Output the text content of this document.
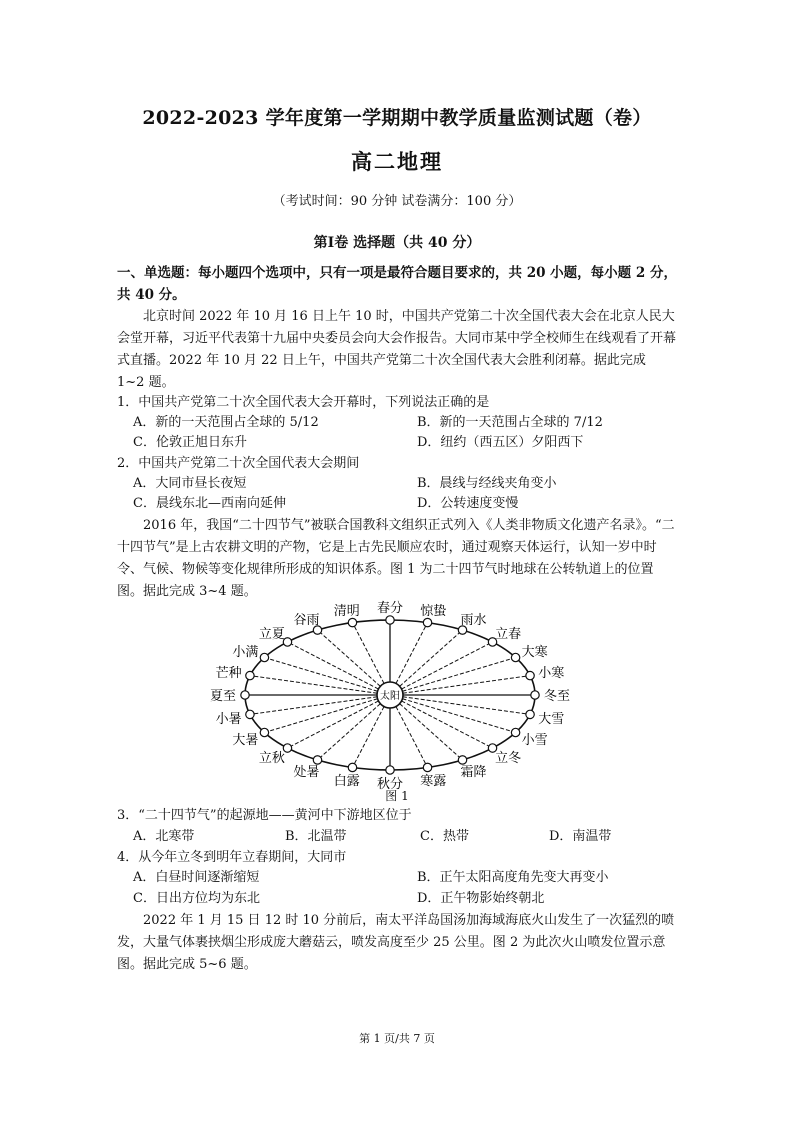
2022-2023 学年度第一学期期中教学质量监测试题（卷）
高二地理
（考试时间：90 分钟 试卷满分：100 分）
第I卷 选择题（共 40 分）

一、单选题：每小题四个选项中，只有一项是最符合题目要求的，共 20 小题，每小题 2 分，共 40 分。

北京时间 2022 年 10 月 16 日上午 10 时，中国共产党第二十次全国代表大会在北京人民大会堂开幕，习近平代表第十九届中央委员会向大会作报告。大同市某中学全校师生在线观看了开幕式直播。2022 年 10 月 22 日上午，中国共产党第二十次全国代表大会胜利闭幕。据此完成 1~2 题。

1．中国共产党第二十次全国代表大会开幕时，下列说法正确的是
A．新的一天范围占全球的 5/12	B．新的一天范围占全球的 7/12
C．伦敦正旭日东升	D．纽约（西五区）夕阳西下
2．中国共产党第二十次全国代表大会期间
A．大同市昼长夜短	B．晨线与经线夹角变小
C．晨线东北—西南向延伸	D．公转速度变慢

2016 年，我国“二十四节气”被联合国教科文组织正式列入《人类非物质文化遗产名录》。“二十四节气”是上古农耕文明的产物，它是上古先民顺应农时，通过观察天体运行，认知一岁中时令、气候、物候等变化规律所形成的知识体系。图 1 为二十四节气时地球在公转轨道上的位置图。据此完成 3~4 题。

太阳
春分
清明
谷雨
立夏
小满
芒种
夏至
小暑
大暑
立秋
处暑
白露 秋分 寒露
霜降
立冬
小雪
大雪
冬至
小寒
大寒
立春
雨水
惊蛰
图 1
3．“二十四节气”的起源地——黄河中下游地区位于
A．北寒带	B．北温带	C．热带	D．南温带
4．从今年立冬到明年立春期间，大同市
A．白昼时间逐渐缩短	B．正午太阳高度角先变大再变小
C．日出方位均为东北	D．正午物影始终朝北

2022 年 1 月 15 日 12 时 10 分前后，南太平洋岛国汤加海域海底火山发生了一次猛烈的喷发，大量气体裹挟烟尘形成庞大蘑菇云，喷发高度至少 25 公里。图 2 为此次火山喷发位置示意图。据此完成 5~6 题。

第 1 页/共 7 页
